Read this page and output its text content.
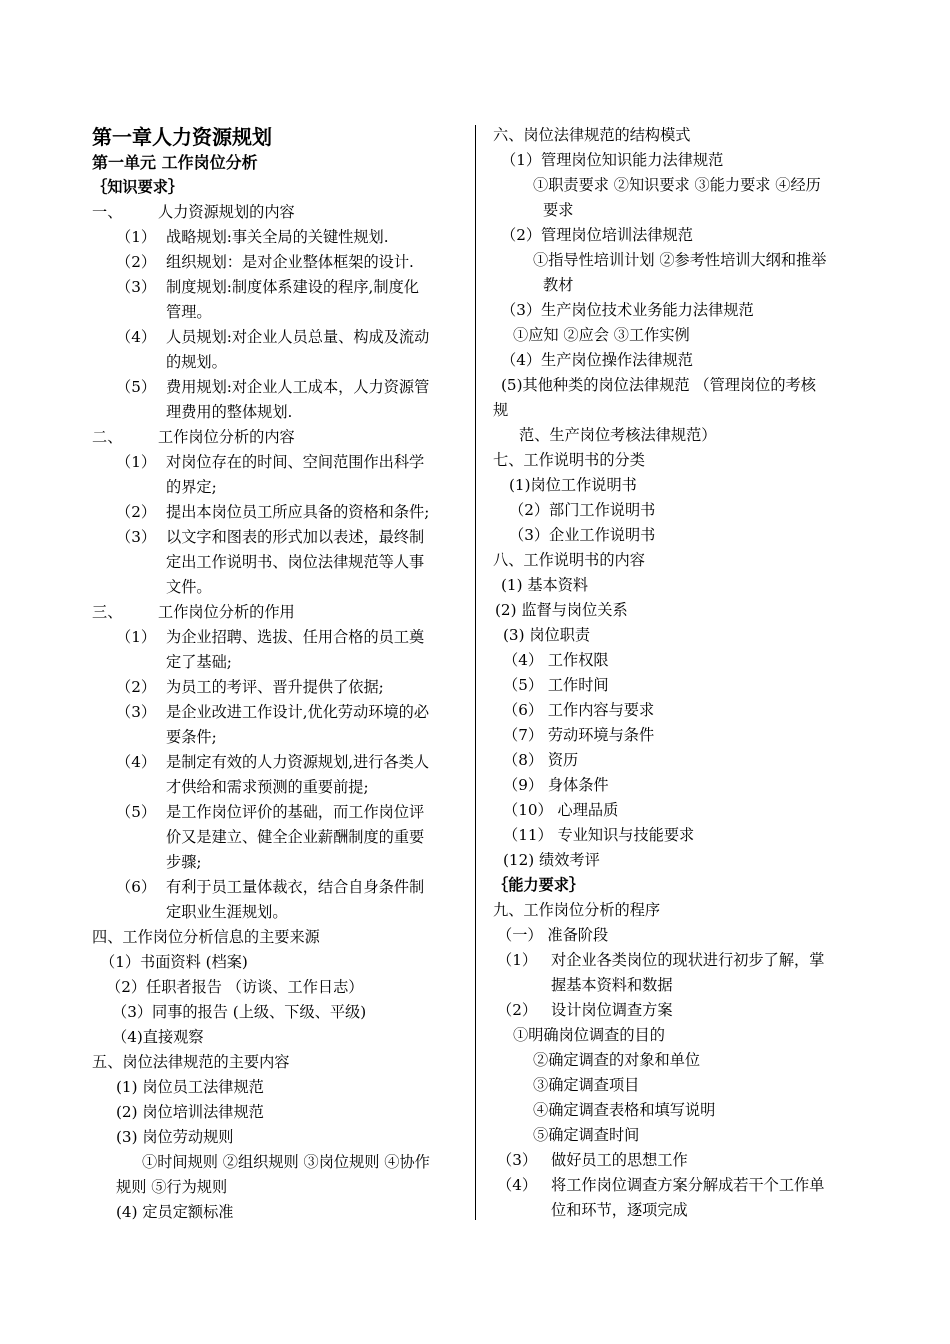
第一章人力资源规划
第一单元 工作岗位分析
｛知识要求｝
一、 人力资源规划的内容
（1） 战略规划:事关全局的关键性规划.
（2） 组织规划：是对企业整体框架的设计.
（3） 制度规划:制度体系建设的程序,制度化
管理。
（4） 人员规划:对企业人员总量、构成及流动
的规划。
（5） 费用规划:对企业人工成本，人力资源管
理费用的整体规划.
二、 工作岗位分析的内容
（1） 对岗位存在的时间、空间范围作出科学
的界定;
（2） 提出本岗位员工所应具备的资格和条件;
（3） 以文字和图表的形式加以表述，最终制
定出工作说明书、岗位法律规范等人事
文件。
三、 工作岗位分析的作用
（1） 为企业招聘、选拔、任用合格的员工奠
定了基础;
（2） 为员工的考评、晋升提供了依据;
（3） 是企业改进工作设计,优化劳动环境的必
要条件;
（4） 是制定有效的人力资源规划,进行各类人
才供给和需求预测的重要前提;
（5） 是工作岗位评价的基础，而工作岗位评
价又是建立、健全企业薪酬制度的重要
步骤;
（6） 有利于员工量体裁衣，结合自身条件制
定职业生涯规划。
四、工作岗位分析信息的主要来源
（1）书面资料 (档案)
（2）任职者报告 （访谈、工作日志）
（3）同事的报告 (上级、下级、平级)
（4)直接观察
五、岗位法律规范的主要内容
(1) 岗位员工法律规范
(2) 岗位培训法律规范
(3) 岗位劳动规则
①时间规则 ②组织规则 ③岗位规则 ④协作
规则 ⑤行为规则
(4) 定员定额标准
六、岗位法律规范的结构模式
（1）管理岗位知识能力法律规范
①职责要求 ②知识要求 ③能力要求 ④经历
要求
（2）管理岗位培训法律规范
①指导性培训计划 ②参考性培训大纲和推举
教材
（3）生产岗位技术业务能力法律规范
①应知 ②应会 ③工作实例
（4）生产岗位操作法律规范
(5)其他种类的岗位法律规范 （管理岗位的考核
规
范、生产岗位考核法律规范）
七、工作说明书的分类
(1)岗位工作说明书
（2）部门工作说明书
（3）企业工作说明书
八、工作说明书的内容
(1) 基本资料
(2) 监督与岗位关系
(3) 岗位职责
（4） 工作权限
（5） 工作时间
（6） 工作内容与要求
（7） 劳动环境与条件
（8） 资历
（9） 身体条件
（10） 心理品质
（11） 专业知识与技能要求
(12) 绩效考评
｛能力要求｝
九、工作岗位分析的程序
（一） 准备阶段
（1） 对企业各类岗位的现状进行初步了解，掌
握基本资料和数据
（2） 设计岗位调查方案
①明确岗位调查的目的
②确定调查的对象和单位
③确定调查项目
④确定调查表格和填写说明
⑤确定调查时间
（3） 做好员工的思想工作
（4） 将工作岗位调查方案分解成若干个工作单
位和环节，逐项完成
